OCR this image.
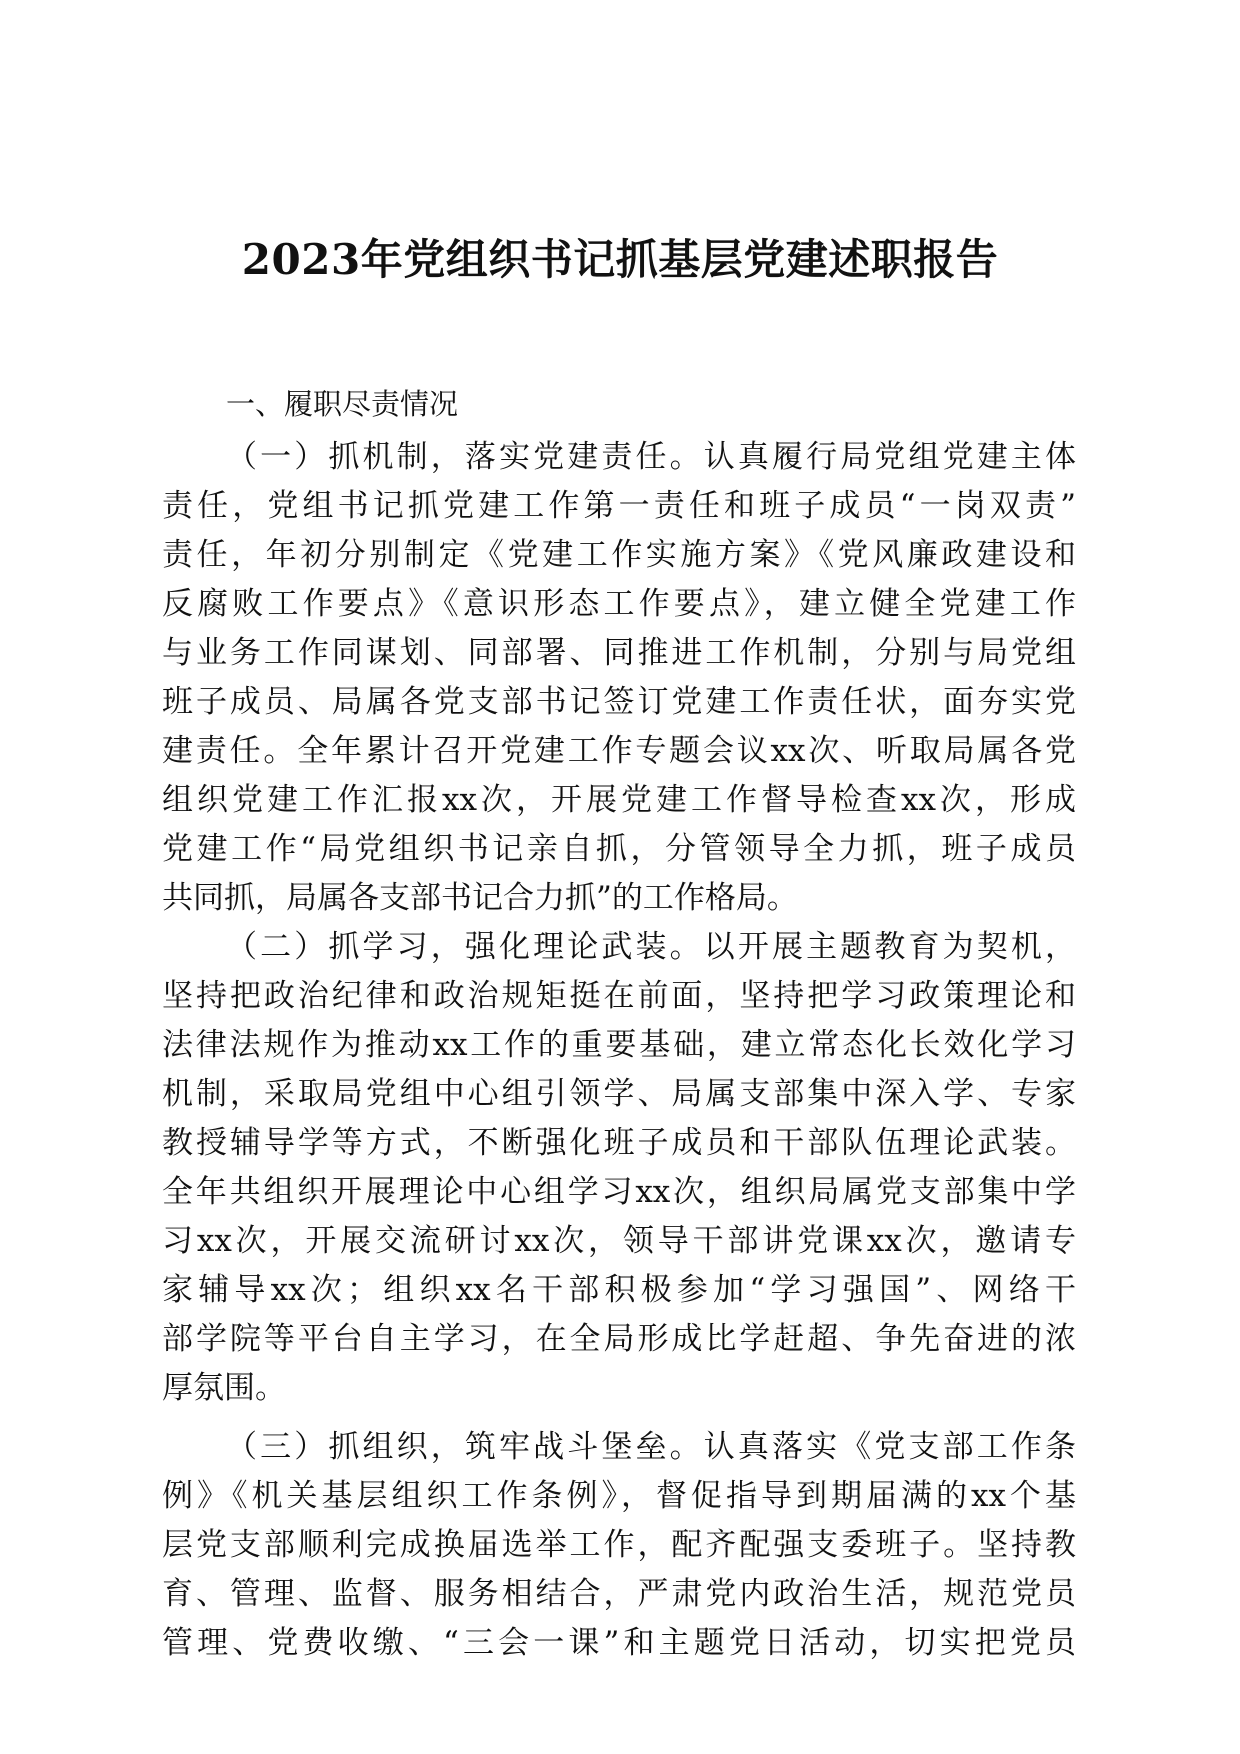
2023年党组织书记抓基层党建述职报告
一、履职尽责情况
（一）抓机制，落实党建责任。认真履行局党组党建主体
责任，党组书记抓党建工作第一责任和班子成员“一岗双责”
责任，年初分别制定《党建工作实施方案》《党风廉政建设和
反腐败工作要点》《意识形态工作要点》，建立健全党建工作
与业务工作同谋划、同部署、同推进工作机制，分别与局党组
班子成员、局属各党支部书记签订党建工作责任状，面夯实党
建责任。全年累计召开党建工作专题会议xx次、听取局属各党
组织党建工作汇报xx次，开展党建工作督导检查xx次，形成
党建工作“局党组织书记亲自抓，分管领导全力抓，班子成员
共同抓，局属各支部书记合力抓”的工作格局。
（二）抓学习，强化理论武装。以开展主题教育为契机，
坚持把政治纪律和政治规矩挺在前面，坚持把学习政策理论和
法律法规作为推动xx工作的重要基础，建立常态化长效化学习
机制，采取局党组中心组引领学、局属支部集中深入学、专家
教授辅导学等方式，不断强化班子成员和干部队伍理论武装。
全年共组织开展理论中心组学习xx次，组织局属党支部集中学
习xx次，开展交流研讨xx次，领导干部讲党课xx次，邀请专
家辅导xx次；组织xx名干部积极参加“学习强国”、网络干
部学院等平台自主学习，在全局形成比学赶超、争先奋进的浓
厚氛围。
（三）抓组织，筑牢战斗堡垒。认真落实《党支部工作条
例》《机关基层组织工作条例》，督促指导到期届满的xx个基
层党支部顺利完成换届选举工作，配齐配强支委班子。坚持教
育、管理、监督、服务相结合，严肃党内政治生活，规范党员
管理、党费收缴、“三会一课”和主题党日活动，切实把党员
